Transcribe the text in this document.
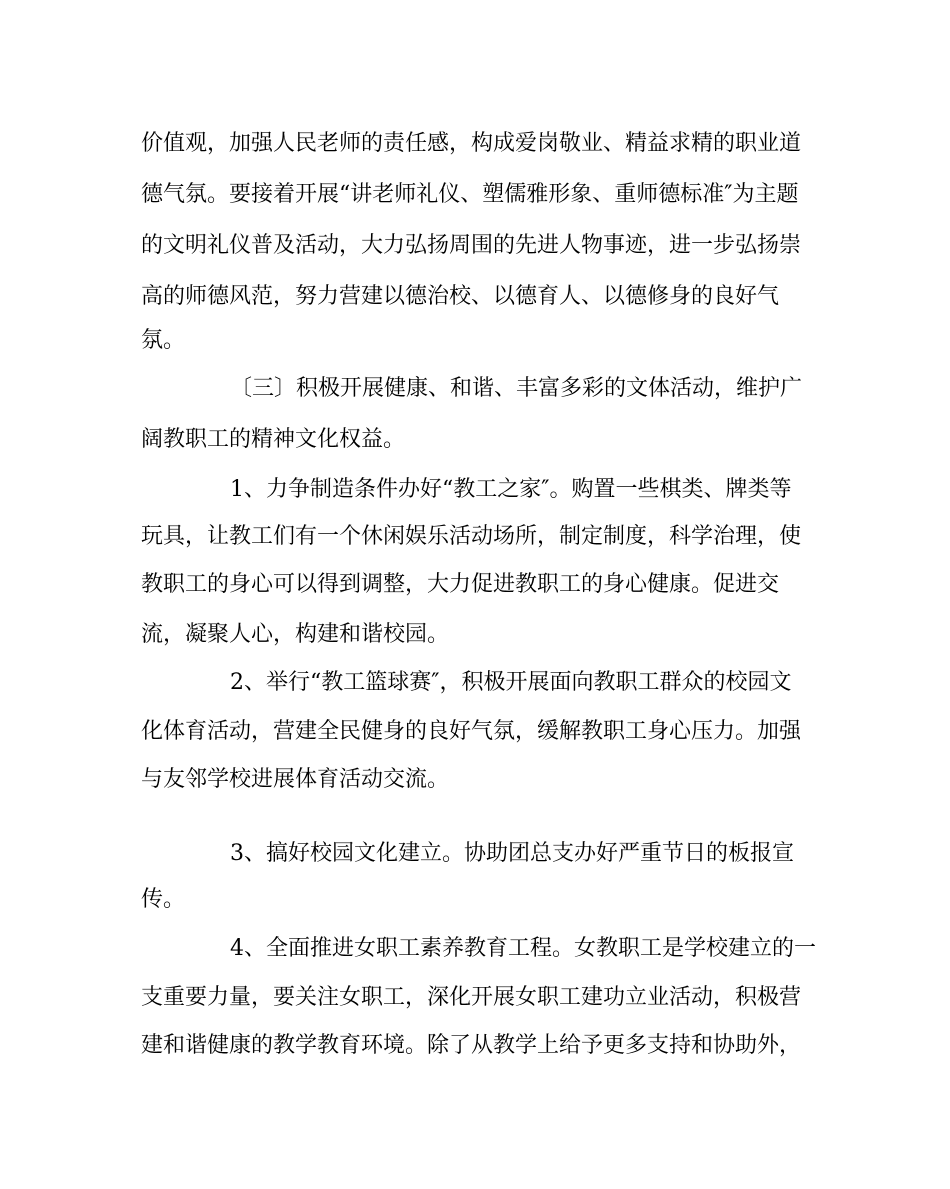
价值观，加强人民老师的责任感，构成爱岗敬业、精益求精的职业道
德气氛。要接着开展“讲老师礼仪、塑儒雅形象、重师德标准″为主题
的文明礼仪普及活动，大力弘扬周围的先进人物事迹，进一步弘扬崇
高的师德风范，努力营建以德治校、以德育人、以德修身的良好气
氛。
〔三〕积极开展健康、和谐、丰富多彩的文体活动，维护广
阔教职工的精神文化权益。
1、力争制造条件办好“教工之家″。购置一些棋类、牌类等
玩具，让教工们有一个休闲娱乐活动场所，制定制度，科学治理，使
教职工的身心可以得到调整，大力促进教职工的身心健康。促进交
流，凝聚人心，构建和谐校园。
2、举行“教工篮球赛″，积极开展面向教职工群众的校园文
化体育活动，营建全民健身的良好气氛，缓解教职工身心压力。加强
与友邻学校进展体育活动交流。
3、搞好校园文化建立。协助团总支办好严重节日的板报宣
传。
4、全面推进女职工素养教育工程。女教职工是学校建立的一
支重要力量，要关注女职工，深化开展女职工建功立业活动，积极营
建和谐健康的教学教育环境。除了从教学上给予更多支持和协助外，
